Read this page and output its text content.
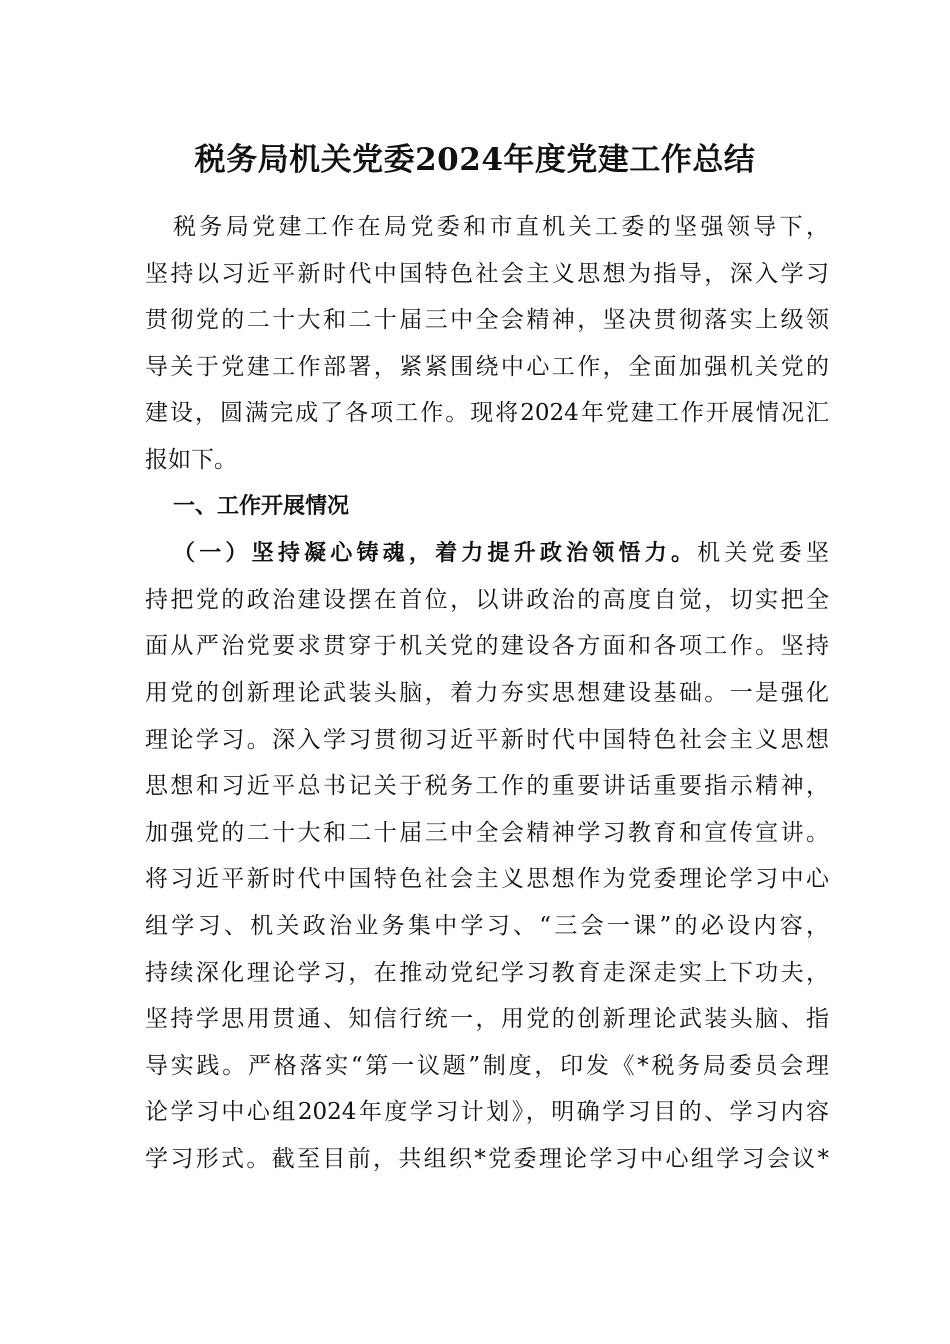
税务局机关党委2024年度党建工作总结
税务局党建工作在局党委和市直机关工委的坚强领导下，
坚持以习近平新时代中国特色社会主义思想为指导，深入学习
贯彻党的二十大和二十届三中全会精神，坚决贯彻落实上级领
导关于党建工作部署，紧紧围绕中心工作，全面加强机关党的
建设，圆满完成了各项工作。现将2024年党建工作开展情况汇
报如下。
一、工作开展情况
（一）坚持凝心铸魂，着力提升政治领悟力。机关党委坚
持把党的政治建设摆在首位，以讲政治的高度自觉，切实把全
面从严治党要求贯穿于机关党的建设各方面和各项工作。坚持
用党的创新理论武装头脑，着力夯实思想建设基础。一是强化
理论学习。深入学习贯彻习近平新时代中国特色社会主义思想
思想和习近平总书记关于税务工作的重要讲话重要指示精神，
加强党的二十大和二十届三中全会精神学习教育和宣传宣讲。
将习近平新时代中国特色社会主义思想作为党委理论学习中心
组学习、机关政治业务集中学习、“三会一课”的必设内容，
持续深化理论学习，在推动党纪学习教育走深走实上下功夫，
坚持学思用贯通、知信行统一，用党的创新理论武装头脑、指
导实践。严格落实“第一议题”制度，印发《*税务局委员会理
论学习中心组2024年度学习计划》，明确学习目的、学习内容
学习形式。截至目前，共组织*党委理论学习中心组学习会议*
